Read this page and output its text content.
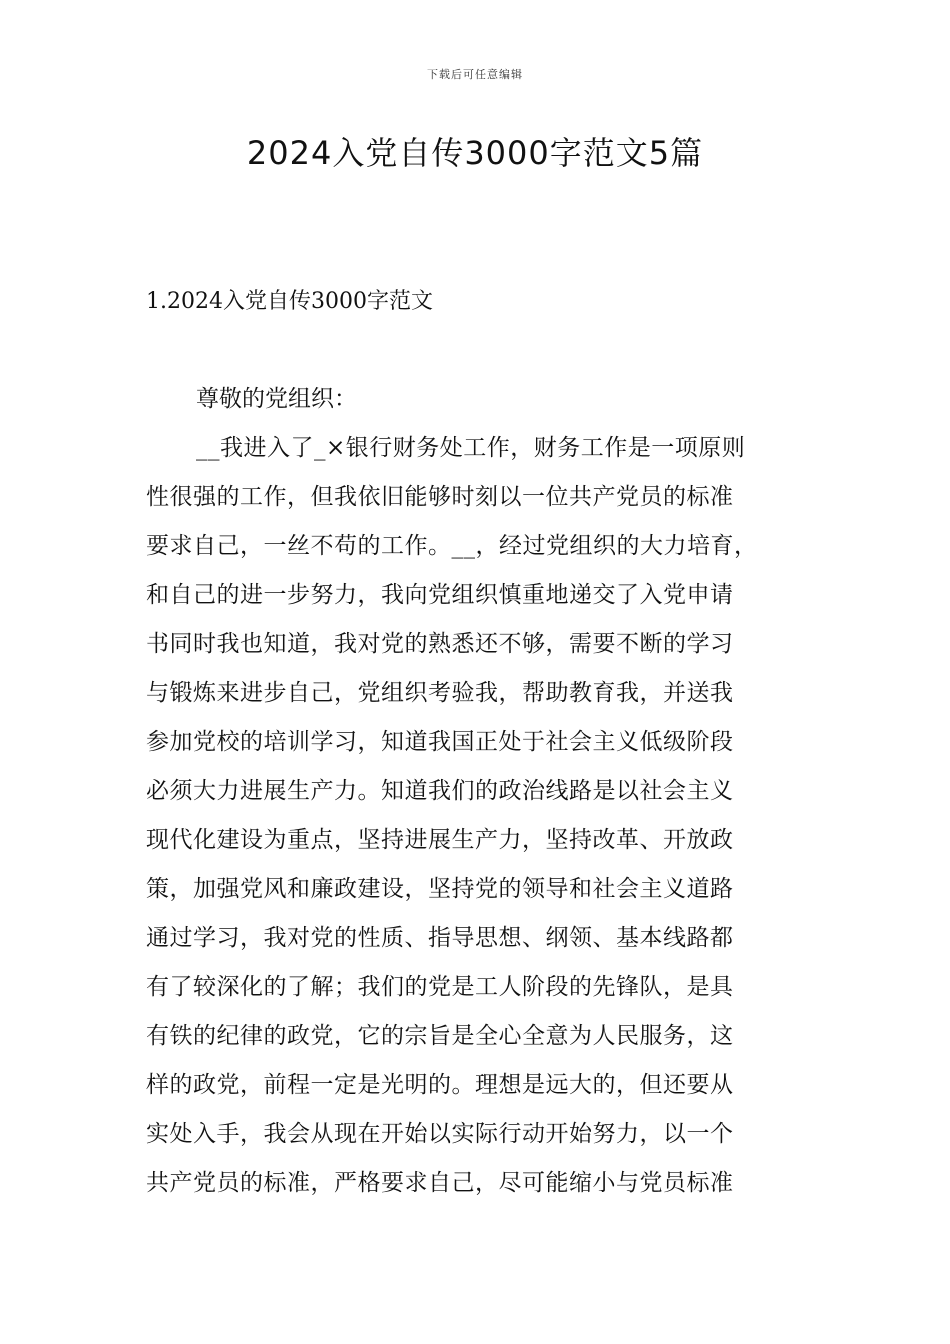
下载后可任意编辑
2024入党自传3000字范文5篇
1.2024入党自传3000字范文

尊敬的党组织：

__我进入了_×银行财务处工作，财务工作是一项原则
性很强的工作，但我依旧能够时刻以一位共产党员的标准
要求自己，一丝不苟的工作。__，经过党组织的大力培育，
和自己的进一步努力，我向党组织慎重地递交了入党申请
书同时我也知道，我对党的熟悉还不够，需要不断的学习
与锻炼来进步自己，党组织考验我，帮助教育我，并送我
参加党校的培训学习，知道我国正处于社会主义低级阶段
必须大力进展生产力。知道我们的政治线路是以社会主义
现代化建设为重点，坚持进展生产力，坚持改革、开放政
策，加强党风和廉政建设，坚持党的领导和社会主义道路
通过学习，我对党的性质、指导思想、纲领、基本线路都
有了较深化的了解；我们的党是工人阶段的先锋队，是具
有铁的纪律的政党，它的宗旨是全心全意为人民服务，这
样的政党，前程一定是光明的。理想是远大的，但还要从
实处入手，我会从现在开始以实际行动开始努力，以一个
共产党员的标准，严格要求自己，尽可能缩小与党员标准
